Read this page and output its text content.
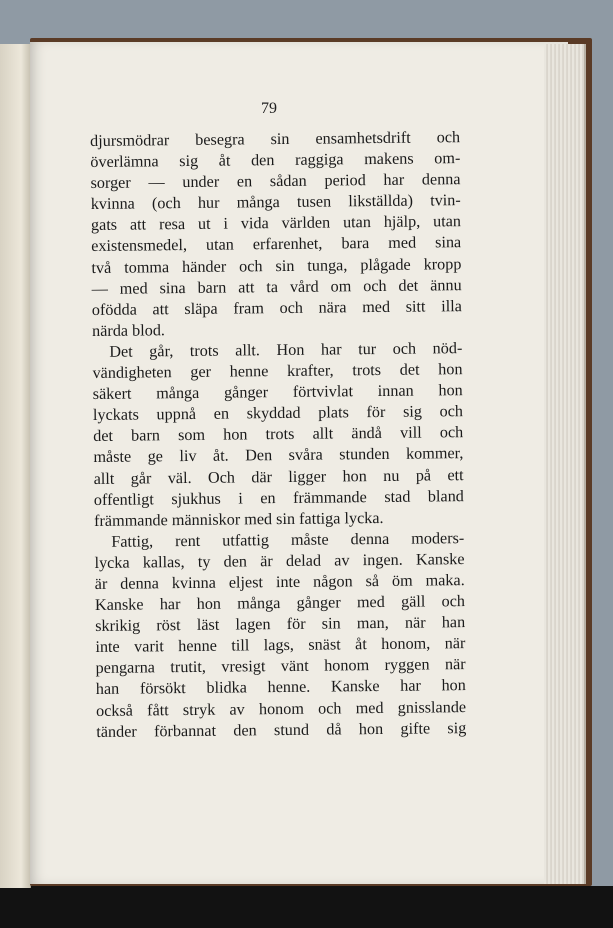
79
djursmödrar besegra sin ensamhetsdrift och
överlämna sig åt den raggiga makens om-
sorger — under en sådan period har denna
kvinna (och hur många tusen likställda) tvin-
gats att resa ut i vida världen utan hjälp, utan
existensmedel, utan erfarenhet, bara med sina
två tomma händer och sin tunga, plågade kropp
— med sina barn att ta vård om och det ännu
ofödda att släpa fram och nära med sitt illa
närda blod.
Det går, trots allt. Hon har tur och nöd-
vändigheten ger henne krafter, trots det hon
säkert många gånger förtvivlat innan hon
lyckats uppnå en skyddad plats för sig och
det barn som hon trots allt ändå vill och
måste ge liv åt. Den svåra stunden kommer,
allt går väl. Och där ligger hon nu på ett
offentligt sjukhus i en främmande stad bland
främmande människor med sin fattiga lycka.
Fattig, rent utfattig måste denna moders-
lycka kallas, ty den är delad av ingen. Kanske
är denna kvinna eljest inte någon så öm maka.
Kanske har hon många gånger med gäll och
skrikig röst läst lagen för sin man, när han
inte varit henne till lags, snäst åt honom, när
pengarna trutit, vresigt vänt honom ryggen när
han försökt blidka henne. Kanske har hon
också fått stryk av honom och med gnisslande
tänder förbannat den stund då hon gifte sig
